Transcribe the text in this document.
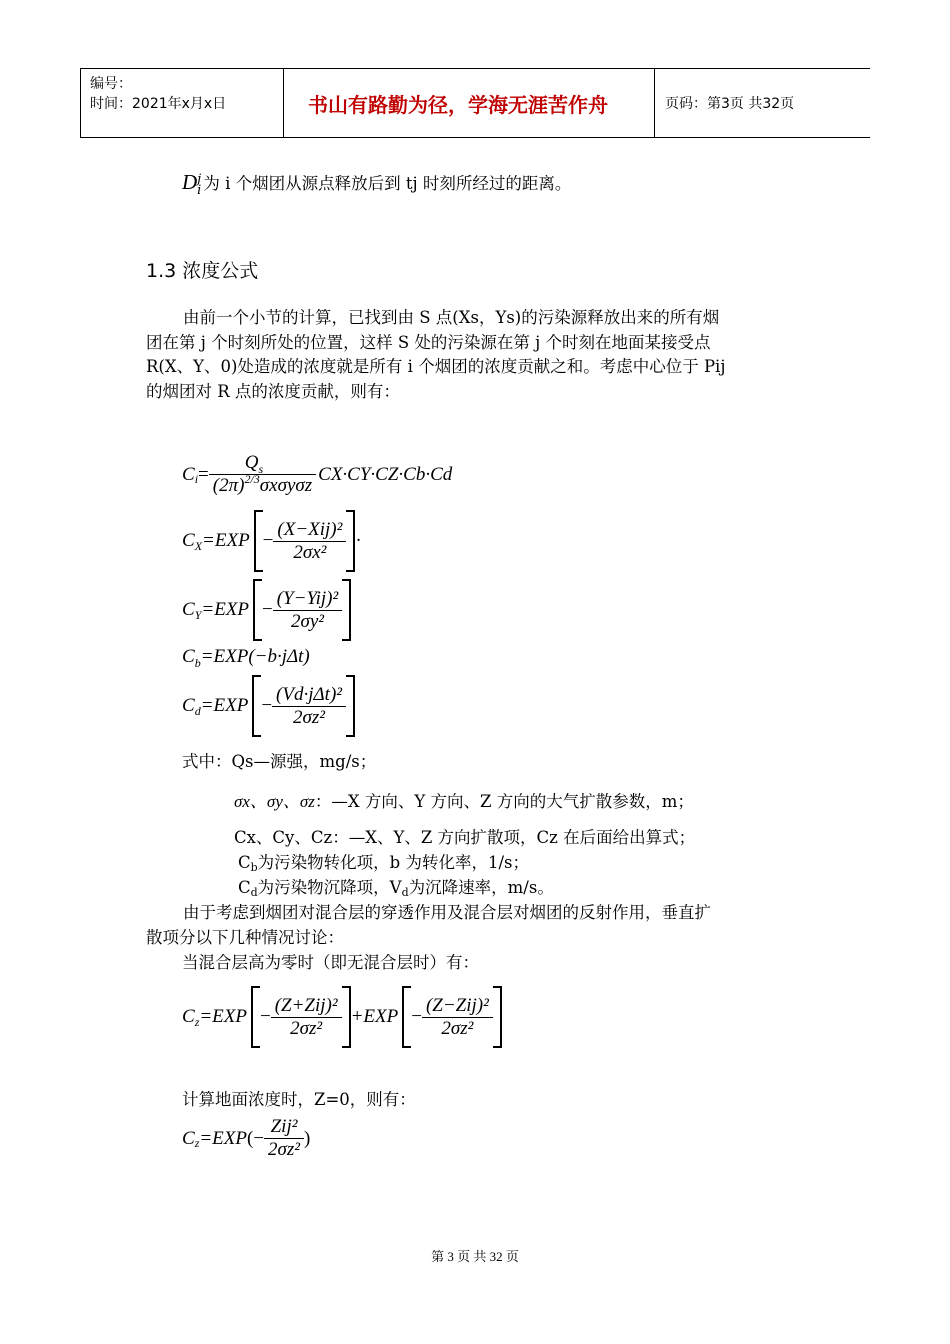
编号：
时间：2021年x月x日	书山有路勤为径，学海无涯苦作舟	页码：第3页 共32页
D j
i 为 i 个烟团从源点释放后到 tj 时刻所经过的距离。
1.3 浓度公式
由前一个小节的计算，已找到由 S 点(Xs，Ys)的污染源释放出来的所有烟
团在第 j 个时刻所处的位置，这样 S 处的污染源在第 j 个时刻在地面某接受点
R(X、Y、0)处造成的浓度就是所有 i 个烟团的浓度贡献之和。考虑中心位于 Pij
的烟团对 R 点的浓度贡献，则有：
C $i = \frac{Q_s}{(2\pi)^{2/3}\sigma x\sigma y\sigma z} CX\cdot CY\cdot CZ\cdot Cb\cdot Cd$
C $X =EXP - \frac{\text{(X−Xij)²}}{\text{2σx²}}$ ·
C $Y =EXP - \frac{\text{(Y−Yij)²}}{\text{2σy²}}$
$C_b=EXP(-b\cdot j\Delta t)$
C $d =EXP - \frac{\text{(Vd·jΔt)²}}{\text{2σz²}}$
式中：Qs—源强，mg/s；
σx、σy、σz：—X 方向、Y 方向、Z 方向的大气扩散参数，m；
Cx、Cy、Cz：—X、Y、Z 方向扩散项，Cz 在后面给出算式；
Cb为污染物转化项，b 为转化率，1/s；
Cd为污染物沉降项，Vd为沉降速率，m/s。
由于考虑到烟团对混合层的穿透作用及混合层对烟团的反射作用，垂直扩
散项分以下几种情况讨论：
当混合层高为零时（即无混合层时）有：
C $z =EXP - \frac{\text{(Z+Zij)²}}{\text{2σz²}} +EXP - \frac{\text{(Z−Zij)²}}{\text{2σz²}}$
计算地面浓度时，Z=0，则有：
C z =EXP (− $\frac{\text{Zij²}}{\text{2σz²}}$ )
第 3 页 共 32 页
